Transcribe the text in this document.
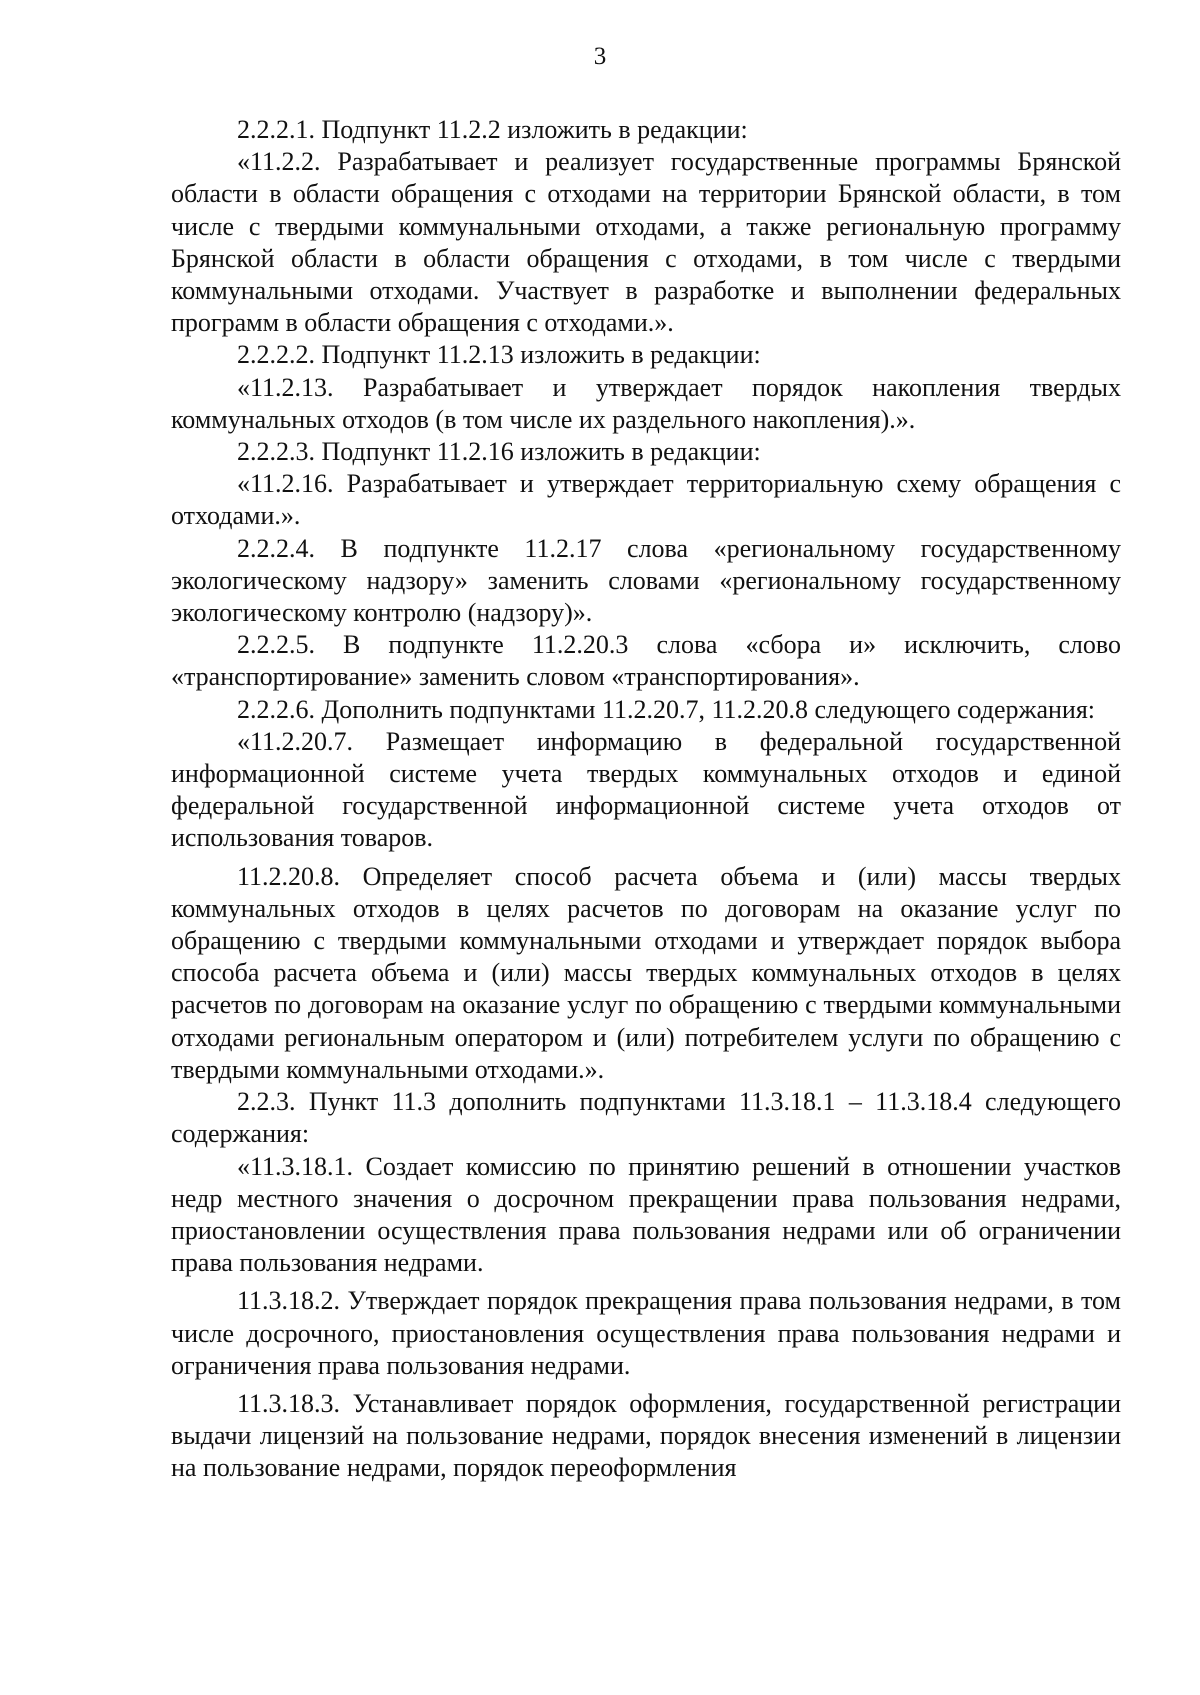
3

2.2.2.1. Подпункт 11.2.2 изложить в редакции:

«11.2.2. Разрабатывает и реализует государственные программы Брянской области в области обращения с отходами на территории Брянской области, в том числе с твердыми коммунальными отходами, а также региональную программу Брянской области в области обращения с отходами, в том числе с твердыми коммунальными отходами. Участвует в разработке и выполнении федеральных программ в области обращения с отходами.».

2.2.2.2. Подпункт 11.2.13 изложить в редакции:

«11.2.13. Разрабатывает и утверждает порядок накопления твердых коммунальных отходов (в том числе их раздельного накопления).».

2.2.2.3. Подпункт 11.2.16 изложить в редакции:

«11.2.16. Разрабатывает и утверждает территориальную схему обращения с отходами.».

2.2.2.4. В подпункте 11.2.17 слова «региональному государственному экологическому надзору» заменить словами «региональному государственному экологическому контролю (надзору)».

2.2.2.5. В подпункте 11.2.20.3 слова «сбора и» исключить, слово «транспортирование» заменить словом «транспортирования».

2.2.2.6. Дополнить подпунктами 11.2.20.7, 11.2.20.8 следующего содержания:

«11.2.20.7. Размещает информацию в федеральной государственной информационной системе учета твердых коммунальных отходов и единой федеральной государственной информационной системе учета отходов от использования товаров.

11.2.20.8. Определяет способ расчета объема и (или) массы твердых коммунальных отходов в целях расчетов по договорам на оказание услуг по обращению с твердыми коммунальными отходами и утверждает порядок выбора способа расчета объема и (или) массы твердых коммунальных отходов в целях расчетов по договорам на оказание услуг по обращению с твердыми коммунальными отходами региональным оператором и (или) потребителем услуги по обращению с твердыми коммунальными отходами.».

2.2.3. Пункт 11.3 дополнить подпунктами 11.3.18.1 – 11.3.18.4 следующего содержания:

«11.3.18.1. Создает комиссию по принятию решений в отношении участков недр местного значения о досрочном прекращении права пользования недрами, приостановлении осуществления права пользования недрами или об ограничении права пользования недрами.

11.3.18.2. Утверждает порядок прекращения права пользования недрами, в том числе досрочного, приостановления осуществления права пользования недрами и ограничения права пользования недрами.

11.3.18.3. Устанавливает порядок оформления, государственной регистрации выдачи лицензий на пользование недрами, порядок внесения изменений в лицензии на пользование недрами, порядок переоформления
